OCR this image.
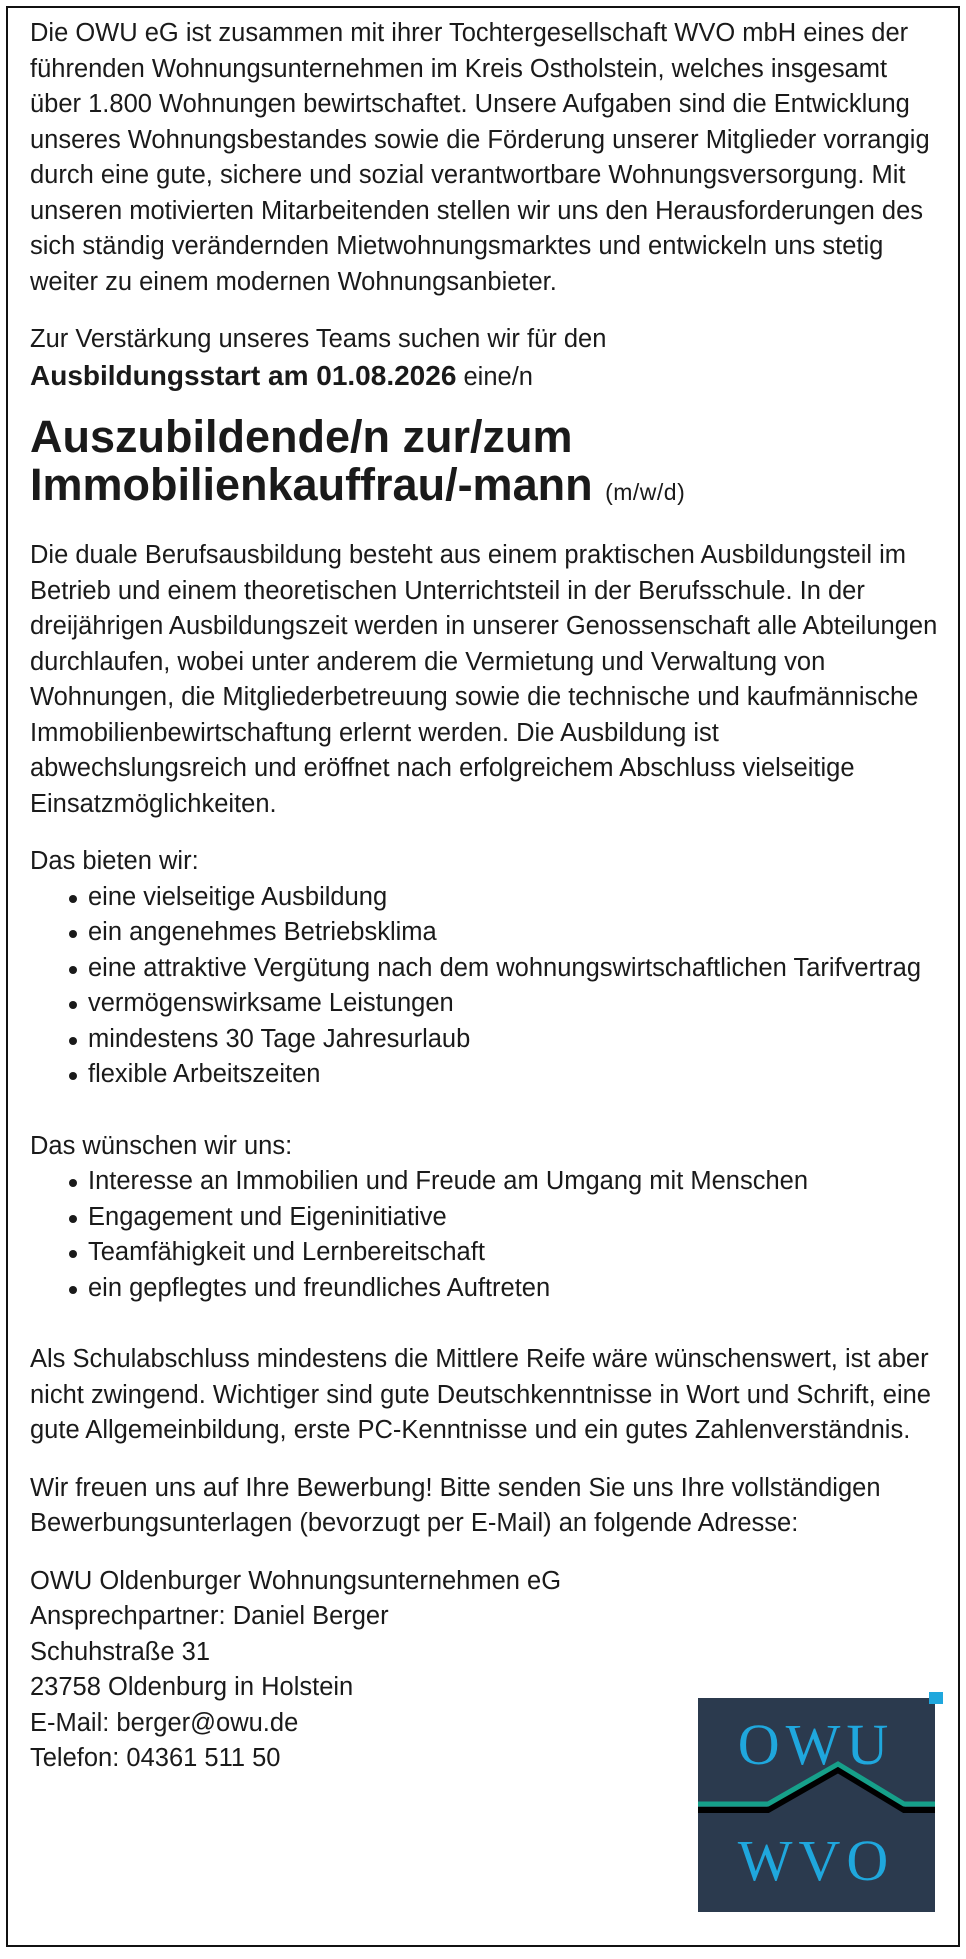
Die OWU eG ist zusammen mit ihrer Tochtergesellschaft WVO mbH eines der führenden Wohnungsunternehmen im Kreis Ostholstein, welches insgesamt über 1.800 Wohnungen bewirtschaftet. Unsere Aufgaben sind die Entwicklung unseres Wohnungsbestandes sowie die Förderung unserer Mitglieder vorrangig durch eine gute, sichere und sozial verantwortbare Wohnungsversorgung. Mit unseren motivierten Mitarbeitenden stellen wir uns den Herausforderungen des sich ständig verändernden Mietwohnungsmarktes und entwickeln uns stetig weiter zu einem modernen Wohnungsanbieter.

Zur Verstärkung unseres Teams suchen wir für den
Ausbildungsstart am 01.08.2026 eine/n

Auszubildende/n zur/zum
Immobilienkauffrau/-mann (m/w/d)

Die duale Berufsausbildung besteht aus einem praktischen Ausbildungsteil im Betrieb und einem theoretischen Unterrichtsteil in der Berufsschule. In der dreijährigen Ausbildungszeit werden in unserer Genossenschaft alle Abteilungen durchlaufen, wobei unter anderem die Vermietung und Verwaltung von Wohnungen, die Mitgliederbetreuung sowie die technische und kaufmännische Immobilienbewirtschaftung erlernt werden. Die Ausbildung ist abwechslungsreich und eröffnet nach erfolgreichem Abschluss vielseitige Einsatzmöglichkeiten.

Das bieten wir:

eine vielseitige Ausbildung
ein angenehmes Betriebsklima
eine attraktive Vergütung nach dem wohnungswirtschaftlichen Tarifvertrag
vermögenswirksame Leistungen
mindestens 30 Tage Jahresurlaub
flexible Arbeitszeiten

Das wünschen wir uns:

Interesse an Immobilien und Freude am Umgang mit Menschen
Engagement und Eigeninitiative
Teamfähigkeit und Lernbereitschaft
ein gepflegtes und freundliches Auftreten

Als Schulabschluss mindestens die Mittlere Reife wäre wünschenswert, ist aber nicht zwingend. Wichtiger sind gute Deutschkenntnisse in Wort und Schrift, eine gute Allgemeinbildung, erste PC-Kenntnisse und ein gutes Zahlenverständnis.

Wir freuen uns auf Ihre Bewerbung! Bitte senden Sie uns Ihre vollständigen Bewerbungsunterlagen (bevorzugt per E-Mail) an folgende Adresse:

OWU Oldenburger Wohnungsunternehmen eG
Ansprechpartner: Daniel Berger
Schuhstraße 31
23758 Oldenburg in Holstein
E-Mail: berger@owu.de
Telefon: 04361 511 50	OWU
WVO
